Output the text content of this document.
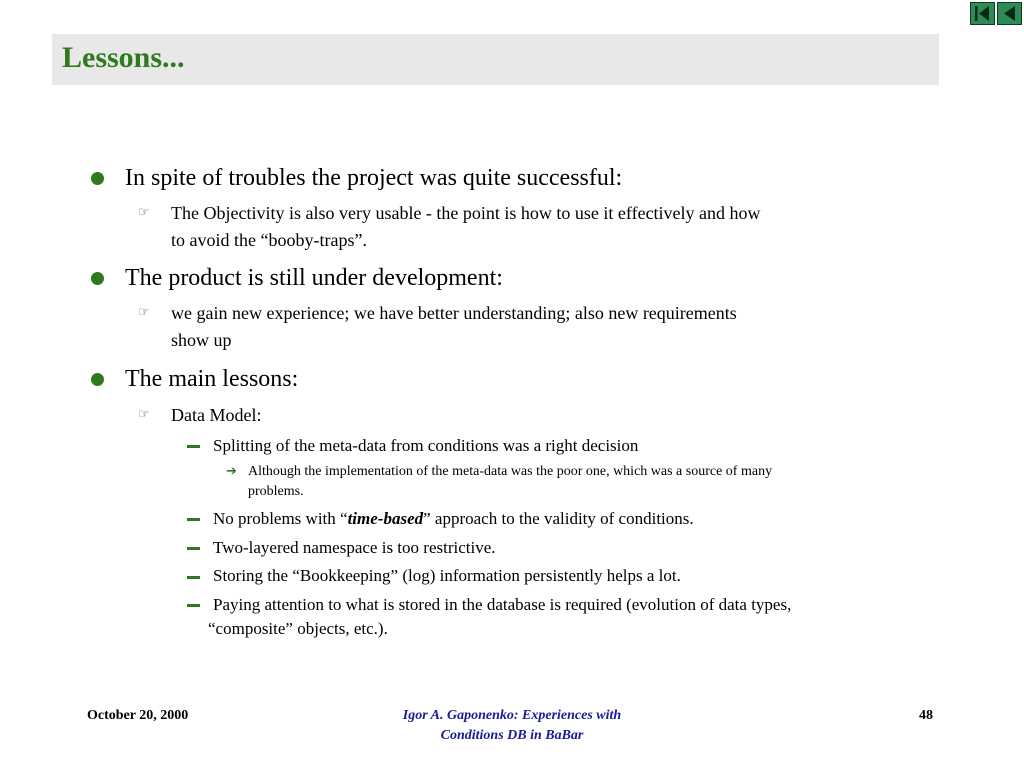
Lessons...
In spite of troubles the project was quite successful:
☞ The Objectivity is also very usable - the point is how to use it effectively and how
to avoid the “booby-traps”.
The product is still under development:
☞ we gain new experience; we have better understanding; also new requirements
show up
The main lessons:
☞ Data Model:
Splitting of the meta-data from conditions was a right decision
➔ Although the implementation of the meta-data was the poor one, which was a source of many
problems.
No problems with “time-based” approach to the validity of conditions.
Two-layered namespace is too restrictive.
Storing the “Bookkeeping” (log) information persistently helps a lot.
Paying attention to what is stored in the database is required (evolution of data types,
“composite” objects, etc.).
October 20, 2000	Igor A. Gaponenko: Experiences with
Conditions DB in BaBar
48
